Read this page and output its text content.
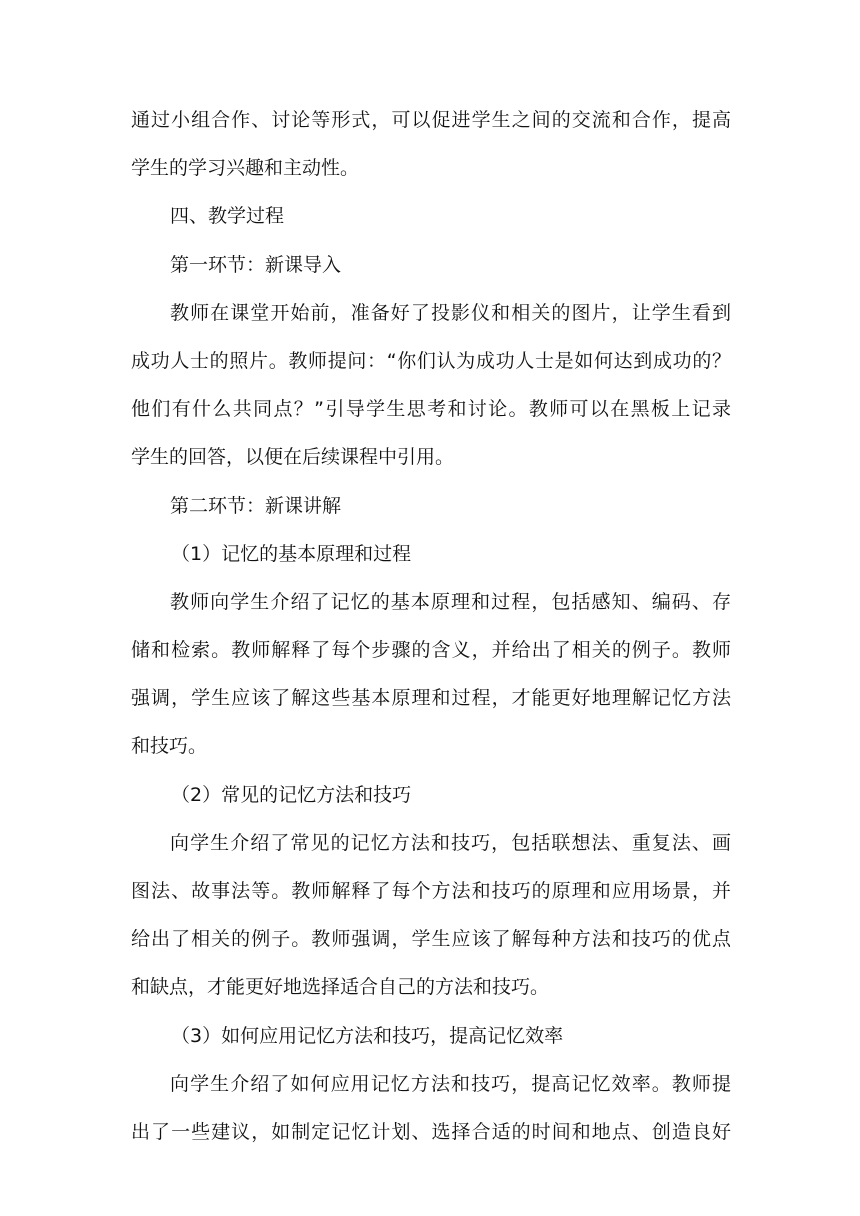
通过小组合作、讨论等形式，可以促进学生之间的交流和合作，提高
学生的学习兴趣和主动性。
四、教学过程
第一环节：新课导入
教师在课堂开始前，准备好了投影仪和相关的图片，让学生看到
成功人士的照片。教师提问：“你们认为成功人士是如何达到成功的？
他们有什么共同点？”引导学生思考和讨论。教师可以在黑板上记录
学生的回答，以便在后续课程中引用。
第二环节：新课讲解
（1）记忆的基本原理和过程
教师向学生介绍了记忆的基本原理和过程，包括感知、编码、存
储和检索。教师解释了每个步骤的含义，并给出了相关的例子。教师
强调，学生应该了解这些基本原理和过程，才能更好地理解记忆方法
和技巧。
（2）常见的记忆方法和技巧
向学生介绍了常见的记忆方法和技巧，包括联想法、重复法、画
图法、故事法等。教师解释了每个方法和技巧的原理和应用场景，并
给出了相关的例子。教师强调，学生应该了解每种方法和技巧的优点
和缺点，才能更好地选择适合自己的方法和技巧。
（3）如何应用记忆方法和技巧，提高记忆效率
向学生介绍了如何应用记忆方法和技巧，提高记忆效率。教师提
出了一些建议，如制定记忆计划、选择合适的时间和地点、创造良好
